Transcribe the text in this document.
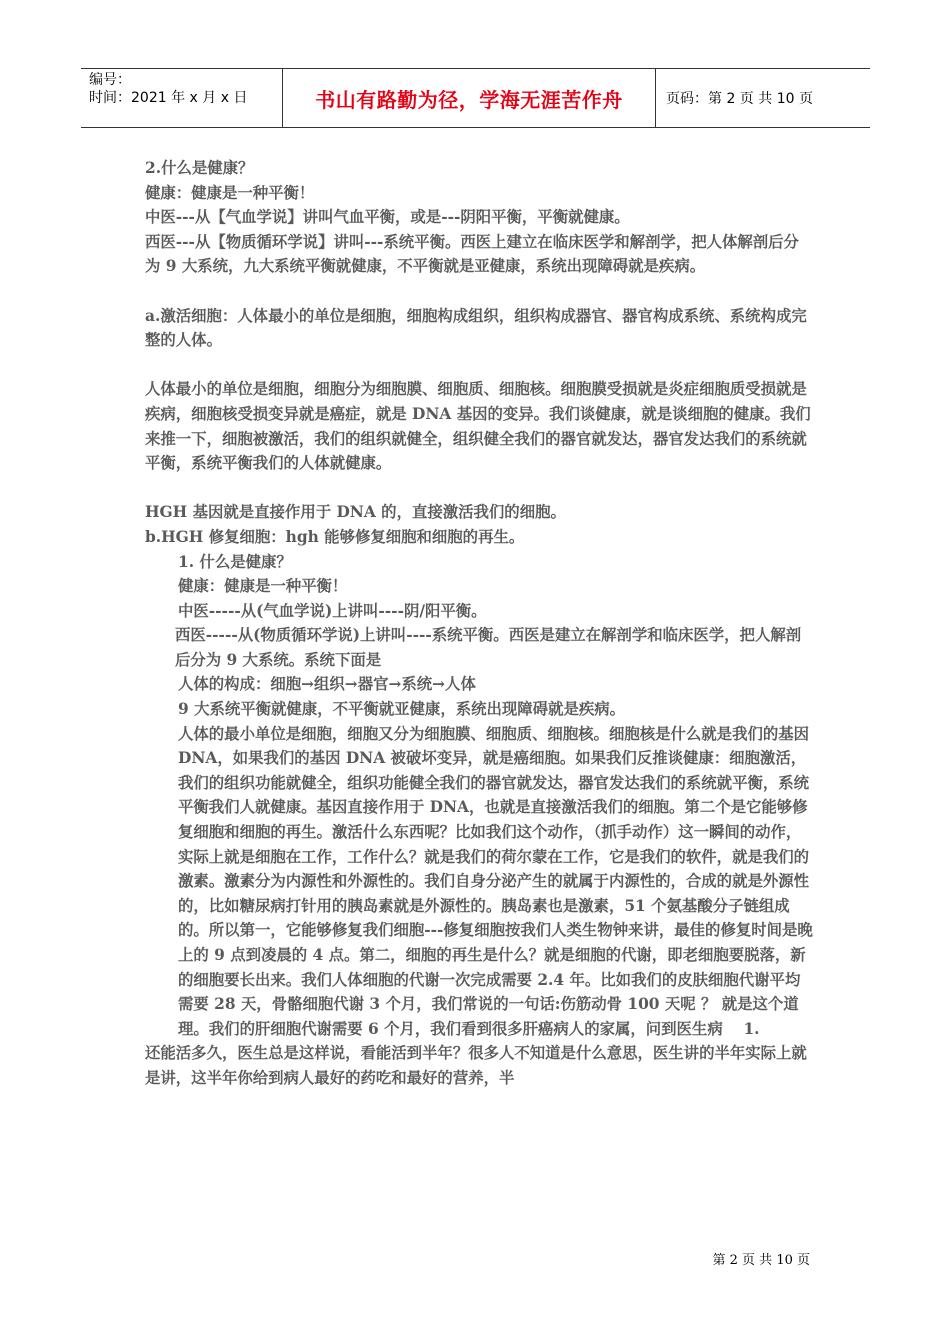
编号：
时间：2021 年 x 月 x 日	书山有路勤为径，学海无涯苦作舟	页码：第 2 页 共 10 页

2.什么是健康？

健康：健康是一种平衡！

中医---从【气血学说】讲叫气血平衡，或是---阴阳平衡，平衡就健康。

西医---从【物质循环学说】讲叫---系统平衡。西医上建立在临床医学和解剖学，把人体解剖后分为 9 大系统，九大系统平衡就健康，不平衡就是亚健康，系统出现障碍就是疾病。

a.激活细胞：人体最小的单位是细胞，细胞构成组织，组织构成器官、器官构成系统、系统构成完整的人体。

人体最小的单位是细胞，细胞分为细胞膜、细胞质、细胞核。细胞膜受损就是炎症细胞质受损就是疾病，细胞核受损变异就是癌症，就是 DNA 基因的变异。我们谈健康，就是谈细胞的健康。我们来推一下，细胞被激活，我们的组织就健全，组织健全我们的器官就发达，器官发达我们的系统就平衡，系统平衡我们的人体就健康。

HGH 基因就是直接作用于 DNA 的，直接激活我们的细胞。

b.HGH 修复细胞：hgh 能够修复细胞和细胞的再生。

1. 什么是健康？

健康：健康是一种平衡！

中医-----从(气血学说)上讲叫----阴/阳平衡。

西医-----从(物质循环学说)上讲叫----系统平衡。西医是建立在解剖学和临床医学，把人解剖后分为 9 大系统。系统下面是

人体的构成：细胞→组织→器官→系统→人体

9 大系统平衡就健康，不平衡就亚健康，系统出现障碍就是疾病。

人体的最小单位是细胞，细胞又分为细胞膜、细胞质、细胞核。细胞核是什么就是我们的基因 DNA，如果我们的基因 DNA 被破坏变异，就是癌细胞。如果我们反推谈健康：细胞激活，我们的组织功能就健全，组织功能健全我们的器官就发达，器官发达我们的系统就平衡，系统平衡我们人就健康。基因直接作用于 DNA，也就是直接激活我们的细胞。第二个是它能够修复细胞和细胞的再生。激活什么东西呢？比如我们这个动作，（抓手动作）这一瞬间的动作，实际上就是细胞在工作，工作什么？就是我们的荷尔蒙在工作，它是我们的软件，就是我们的激素。激素分为内源性和外源性的。我们自身分泌产生的就属于内源性的，合成的就是外源性的，比如糖尿病打针用的胰岛素就是外源性的。胰岛素也是激素，51 个氨基酸分子链组成的。所以第一，它能够修复我们细胞---修复细胞按我们人类生物钟来讲，最佳的修复时间是晚上的 9 点到凌晨的 4 点。第二，细胞的再生是什么？就是细胞的代谢，即老细胞要脱落，新的细胞要长出来。我们人体细胞的代谢一次完成需要 2.4 年。比如我们的皮肤细胞代谢平均需要 28 天，骨骼细胞代谢 3 个月，我们常说的一句话:伤筋动骨 100 天呢 ？ 就是这个道理。我们的肝细胞代谢需要 6 个月，我们看到很多肝癌病人的家属，问到医生病　 1.

还能活多久，医生总是这样说，看能活到半年？很多人不知道是什么意思，医生讲的半年实际上就是讲，这半年你给到病人最好的药吃和最好的营养，半

第 2 页 共 10 页
